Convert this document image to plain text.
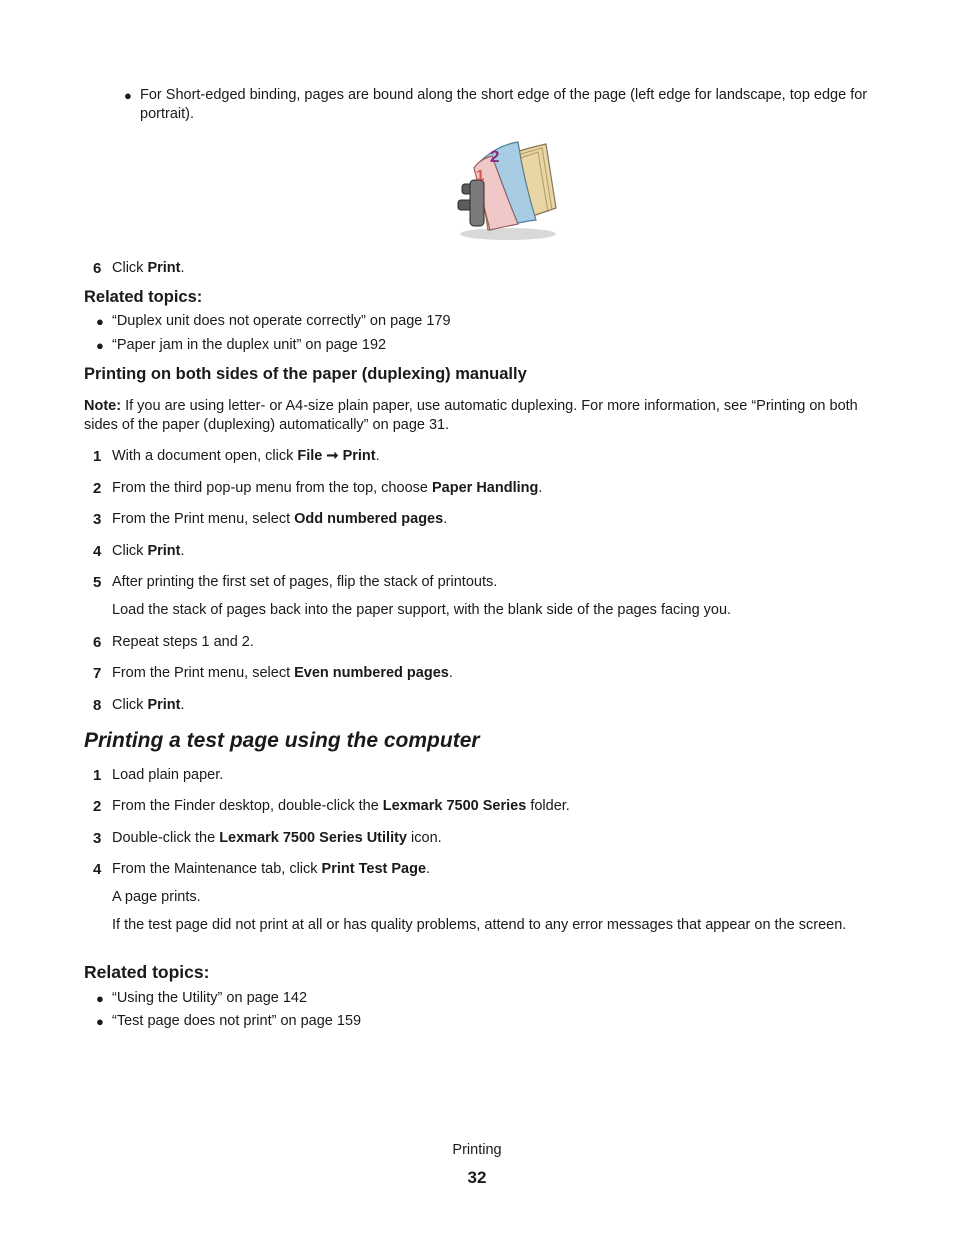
● For Short-edged binding, pages are bound along the short edge of the page (left edge for landscape, top edge for portrait).
1
2
6 Click Print.
Related topics:
● “Duplex unit does not operate correctly” on page 179
● “Paper jam in the duplex unit” on page 192
Printing on both sides of the paper (duplexing) manually
Note: If you are using letter- or A4-size plain paper, use automatic duplexing. For more information, see “Printing on both sides of the paper (duplexing) automatically” on page 31.
1 With a document open, click File ➞ Print.
2 From the third pop-up menu from the top, choose Paper Handling.
3 From the Print menu, select Odd numbered pages.
4 Click Print.
5 After printing the first set of pages, flip the stack of printouts.
Load the stack of pages back into the paper support, with the blank side of the pages facing you.
6 Repeat steps 1 and 2.
7 From the Print menu, select Even numbered pages.
8 Click Print.
Printing a test page using the computer
1 Load plain paper.
2 From the Finder desktop, double-click the Lexmark 7500 Series folder.
3 Double-click the Lexmark 7500 Series Utility icon.
4 From the Maintenance tab, click Print Test Page.
A page prints.
If the test page did not print at all or has quality problems, attend to any error messages that appear on the screen.
Related topics:
● “Using the Utility” on page 142
● “Test page does not print” on page 159
Printing
32
